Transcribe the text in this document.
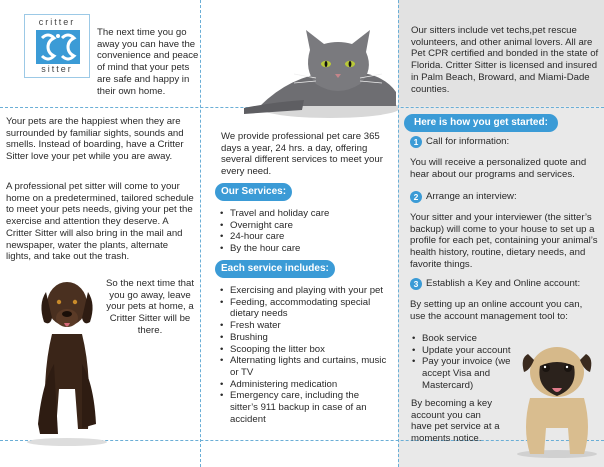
critter
sitter

The next time you go away you can have the convenience and peace of mind that your pets are safe and happy in their own home.

Your pets are the happiest when they are surrounded by familiar sights, sounds and smells. Instead of boarding, have a Critter Sitter love your pet while you are away.

A professional pet sitter will come to your home on a predetermined, tailored schedule to meet your pets needs, giving your pet the exercise and attention they deserve. A Critter Sitter will also bring in the mail and newspaper, water the plants, alternate lights, and take out the trash.

So the next time that you go away, leave your pets at home, a Critter Sitter will be there.

We provide professional pet care 365 days a year, 24 hrs. a day, offering several different services to meet your every need.

Our Services:
• Travel and holiday care
• Overnight care
• 24-hour care
• By the hour care
Each service includes:
• Exercising and playing with your pet
• Feeding, accommodating special dietary needs
• Fresh water
• Brushing
• Scooping the litter box
• Alternating lights and curtains, music or TV
• Administering medication
• Emergency care, including the sitter’s 911 backup in case of an accident

Our sitters include vet techs,pet rescue volunteers, and other animal lovers. All are Pet CPR certified and bonded in the state of Florida. Critter Sitter is licensed and insured in Palm Beach, Broward, and Miami-Dade counties.

Here is how you get started:

1 Call for information:

You will receive a personalized quote and hear about our programs and services.

2 Arrange an interview:

Your sitter and your interviewer (the sitter’s backup) will come to your house to set up a profile for each pet, containing your animal’s health history, routine, dietary needs, and favorite things.

3 Establish a Key and Online account:

By setting up an online account you can, use the account management tool to:

• Book service
• Update your account
• Pay your invoice (we accept Visa and Mastercard)

By becoming a key account you can have pet service at a moments notice.
